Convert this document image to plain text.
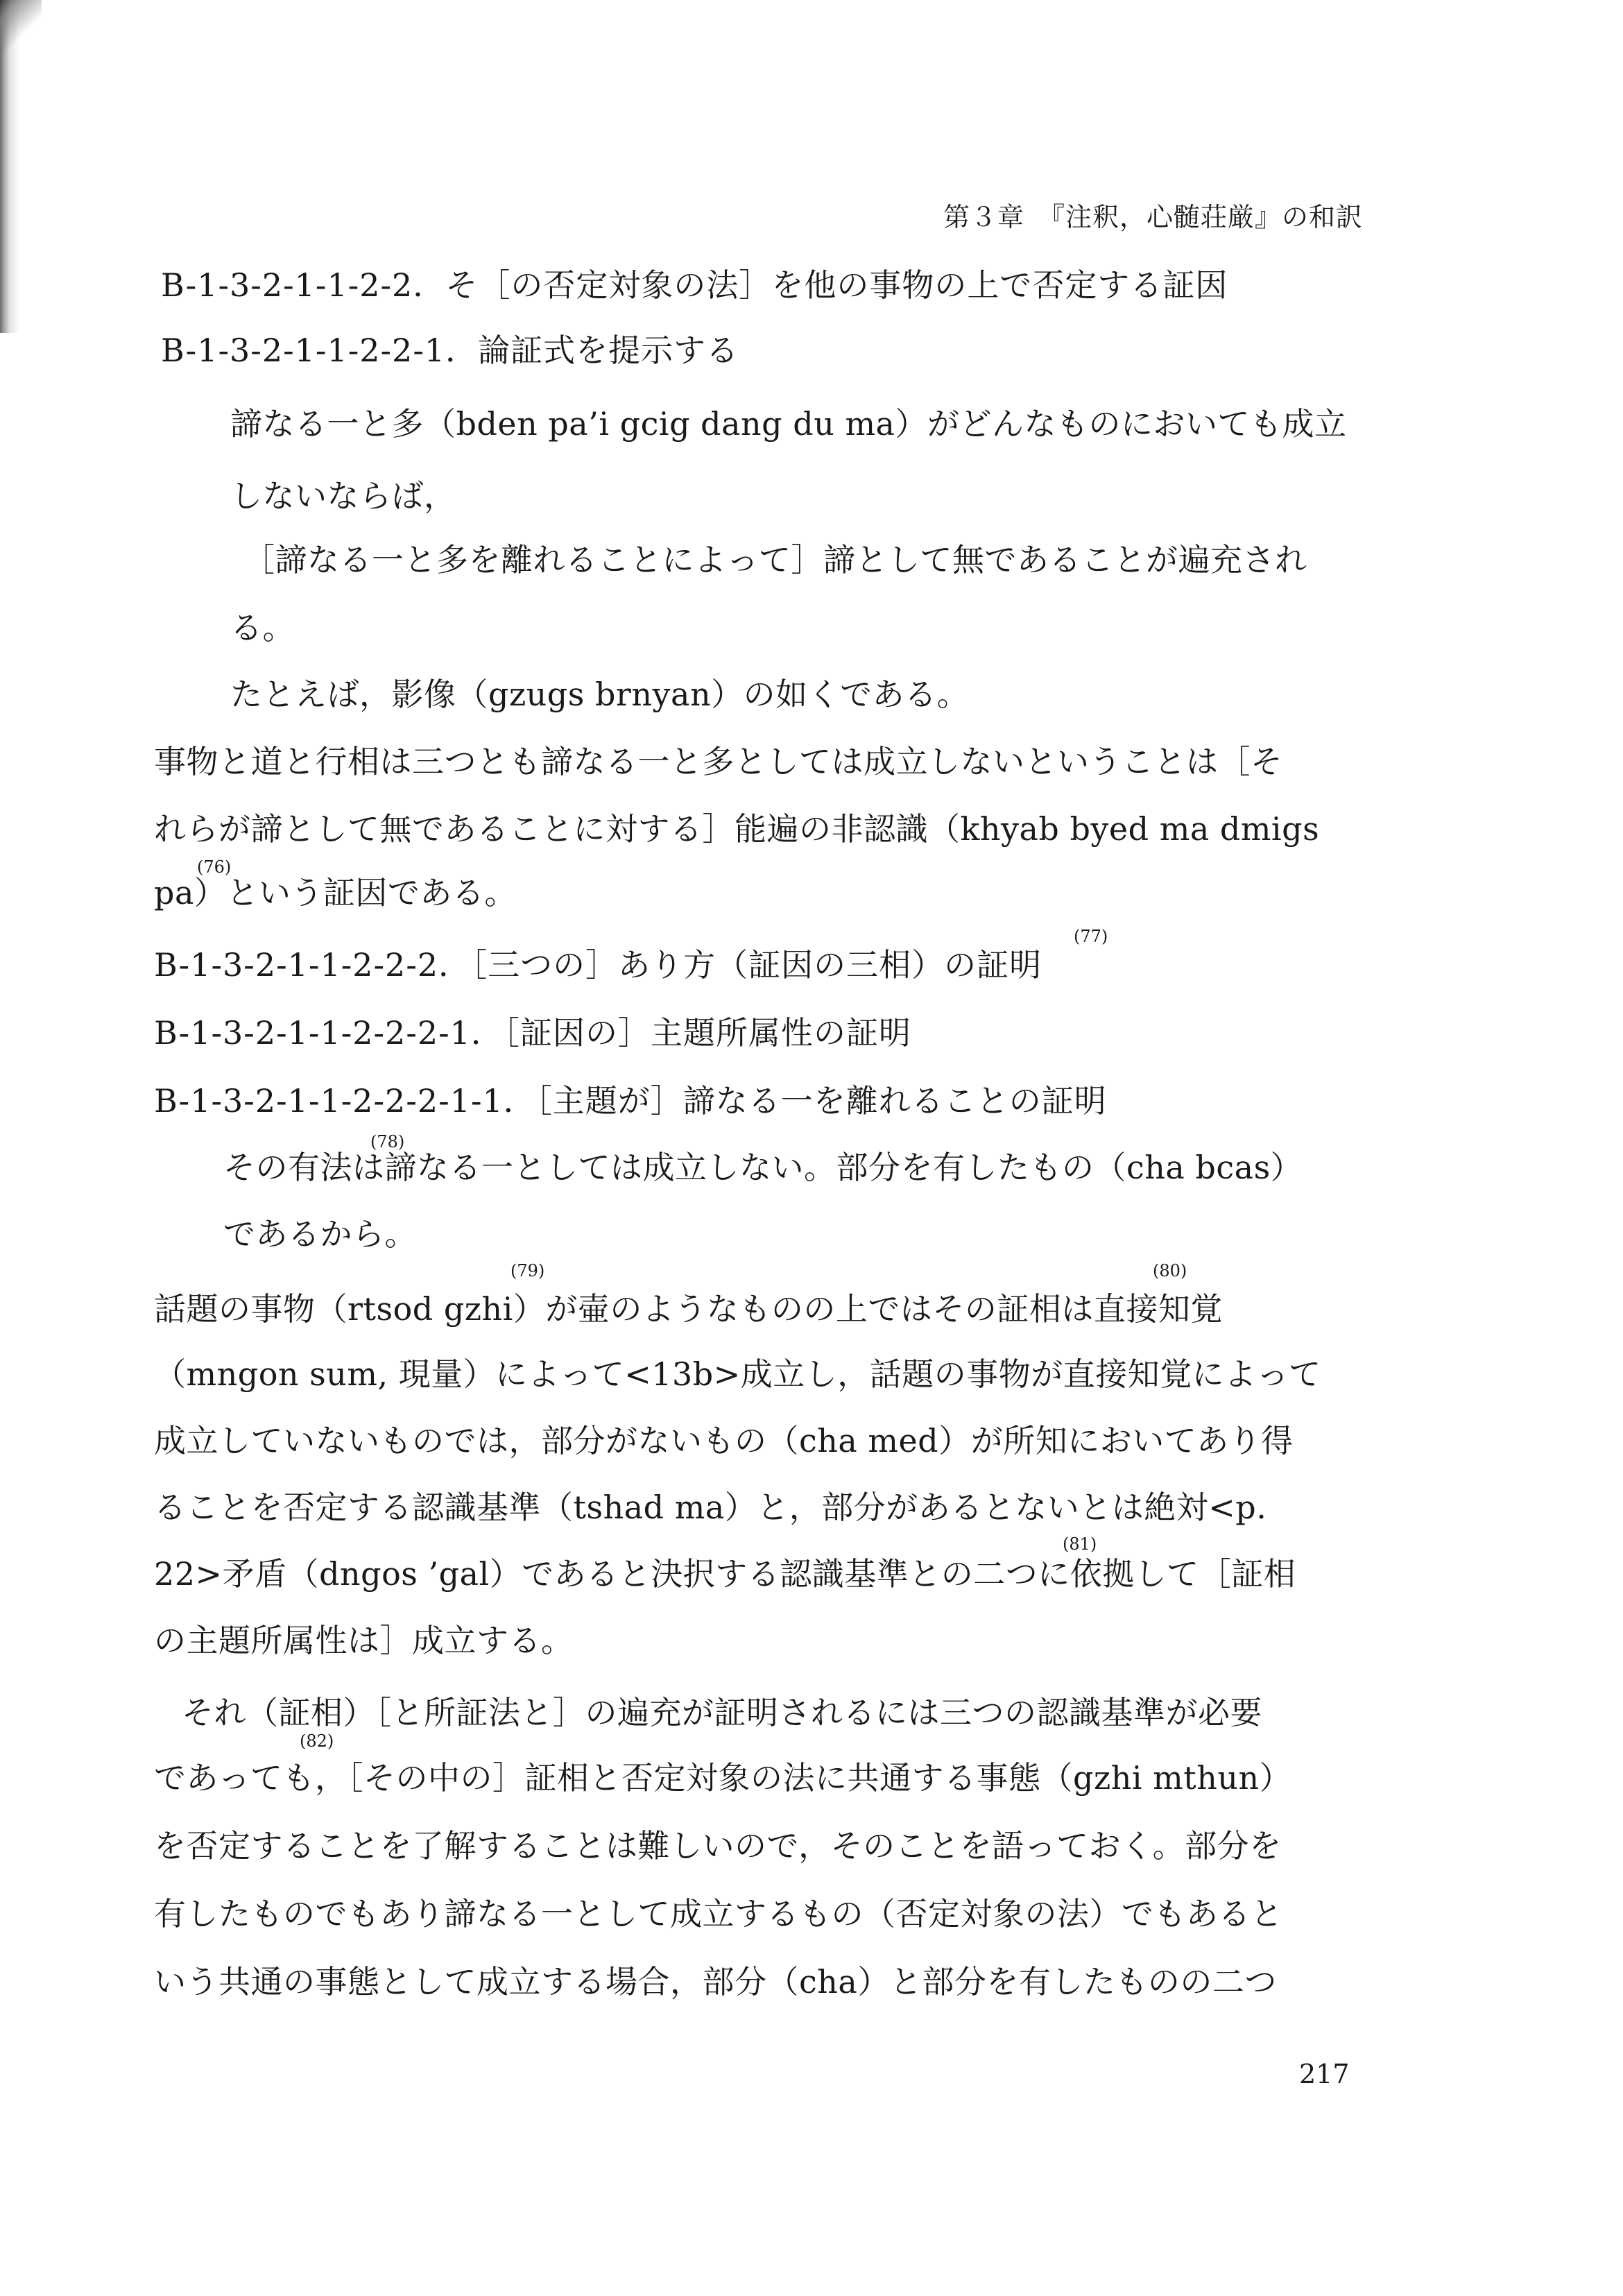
第３章　『注釈，心髄荘厳』の和訳
B-1-3-2-1-1-2-2．そ［の否定対象の法］を他の事物の上で否定する証因
B-1-3-2-1-1-2-2-1．論証式を提示する
諦なる一と多（bden pa’i gcig dang du ma）がどんなものにおいても成立
しないならば，
［諦なる一と多を離れることによって］諦として無であることが遍充され
る。
たとえば，影像（gzugs brnyan）の如くである。
事物と道と行相は三つとも諦なる一と多としては成立しないということは［そ
れらが諦として無であることに対する］能遍の非認識（khyab byed ma dmigs
pa）という証因である。
(76)
B-1-3-2-1-1-2-2-2．［三つの］あり方（証因の三相）の証明
(77)
B-1-3-2-1-1-2-2-2-1．［証因の］主題所属性の証明
B-1-3-2-1-1-2-2-2-1-1．［主題が］諦なる一を離れることの証明
その有法は諦なる一としては成立しない。部分を有したもの（cha bcas）
(78)
であるから。
話題の事物（rtsod gzhi）が壷のようなものの上ではその証相は直接知覚
(79)	(80)
（mngon sum, 現量）によって<13b>成立し，話題の事物が直接知覚によって
成立していないものでは，部分がないもの（cha med）が所知においてあり得
ることを否定する認識基準（tshad ma）と，部分があるとないとは絶対<p.
(81)
22>矛盾（dngos ’gal）であると決択する認識基準との二つに依拠して［証相
の主題所属性は］成立する。
それ（証相）［と所証法と］の遍充が証明されるには三つの認識基準が必要
(82)
であっても，［その中の］証相と否定対象の法に共通する事態（gzhi mthun）
を否定することを了解することは難しいので，そのことを語っておく。部分を
有したものでもあり諦なる一として成立するもの（否定対象の法）でもあると
いう共通の事態として成立する場合，部分（cha）と部分を有したものの二つ
217
